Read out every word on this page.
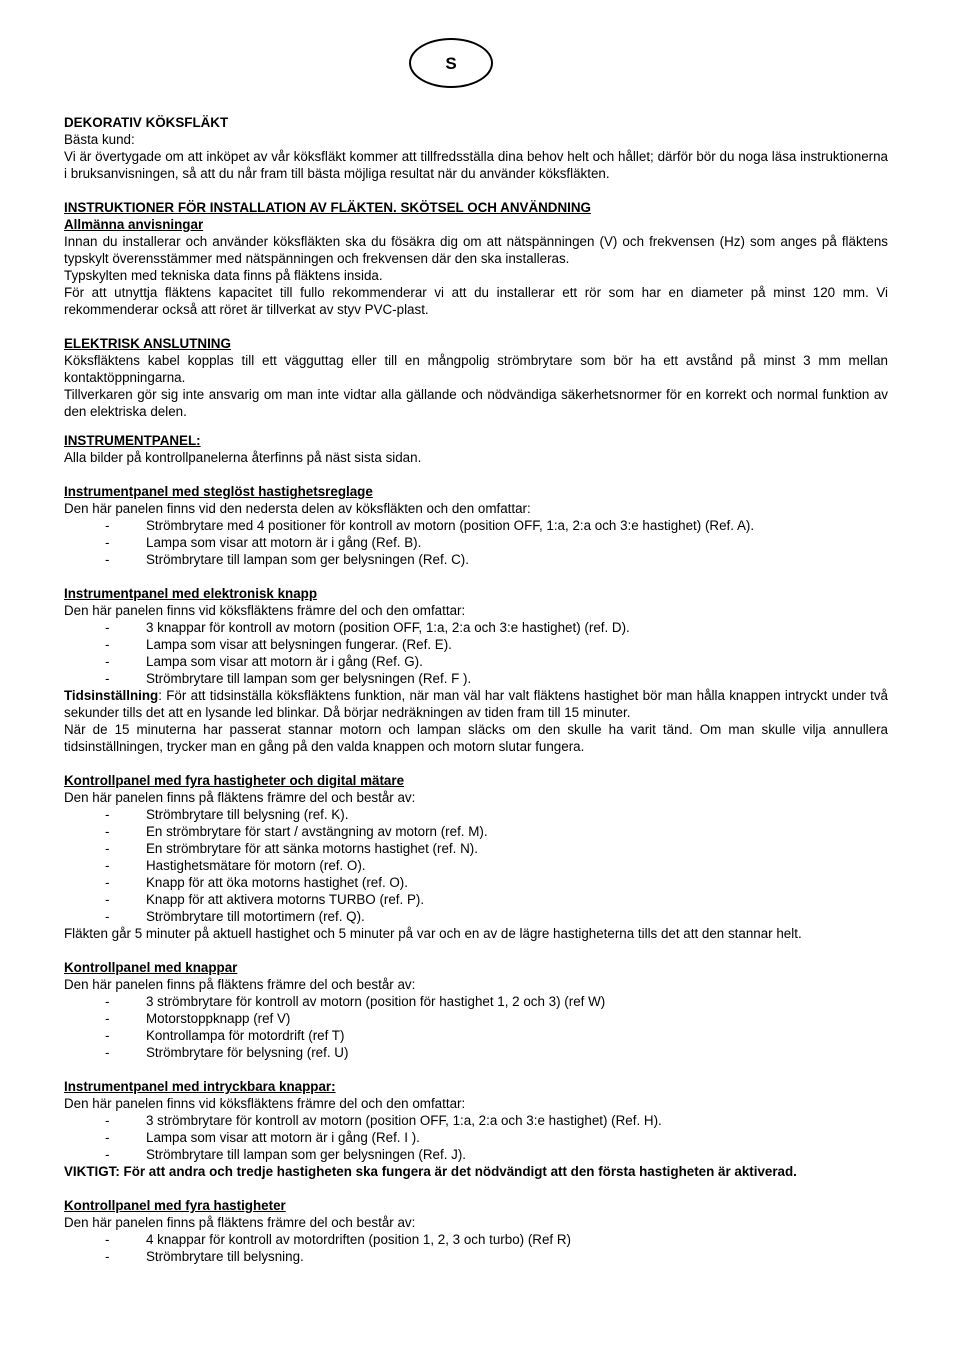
S

DEKORATIV KÖKSFLÄKT

Bästa kund:

Vi är övertygade om att inköpet av vår köksfläkt kommer att tillfredsställa dina behov helt och hållet; därför bör du noga läsa instruktionerna i bruksanvisningen, så att du når fram till bästa möjliga resultat när du använder köksfläkten.

INSTRUKTIONER FÖR INSTALLATION AV FLÄKTEN. SKÖTSEL OCH ANVÄNDNING

Allmänna anvisningar

Innan du installerar och använder köksfläkten ska du fösäkra dig om att nätspänningen (V) och frekvensen (Hz) som anges på fläktens typskylt överensstämmer med nätspänningen och frekvensen där den ska installeras.

Typskylten med tekniska data finns på fläktens insida.

För att utnyttja fläktens kapacitet till fullo rekommenderar vi att du installerar ett rör som har en diameter på minst 120 mm. Vi rekommenderar också att röret är tillverkat av styv PVC-plast.

ELEKTRISK ANSLUTNING

Köksfläktens kabel kopplas till ett vägguttag eller till en mångpolig strömbrytare som bör ha ett avstånd på minst 3 mm mellan kontaktöppningarna.

Tillverkaren gör sig inte ansvarig om man inte vidtar alla gällande och nödvändiga säkerhetsnormer för en korrekt och normal funktion av den elektriska delen.

INSTRUMENTPANEL:

Alla bilder på kontrollpanelerna återfinns på näst sista sidan.

Instrumentpanel med steglöst hastighetsreglage

Den här panelen finns vid den nedersta delen av köksfläkten och den omfattar:

- Strömbrytare med 4 positioner för kontroll av motorn (position OFF, 1:a, 2:a och 3:e hastighet) (Ref. A).
- Lampa som visar att motorn är i gång (Ref. B).
- Strömbrytare till lampan som ger belysningen (Ref. C).

Instrumentpanel med elektronisk knapp

Den här panelen finns vid köksfläktens främre del och den omfattar:

- 3 knappar för kontroll av motorn (position OFF, 1:a, 2:a och 3:e hastighet) (ref. D).
- Lampa som visar att belysningen fungerar. (Ref. E).
- Lampa som visar att motorn är i gång (Ref. G).
- Strömbrytare till lampan som ger belysningen (Ref. F ).

Tidsinställning: För att tidsinställa köksfläktens funktion, när man väl har valt fläktens hastighet bör man hålla knappen intryckt under två sekunder tills det att en lysande led blinkar. Då börjar nedräkningen av tiden fram till 15 minuter.

När de 15 minuterna har passerat stannar motorn och lampan släcks om den skulle ha varit tänd. Om man skulle vilja annullera tidsinställningen, trycker man en gång på den valda knappen och motorn slutar fungera.

Kontrollpanel med fyra hastigheter och digital mätare

Den här panelen finns på fläktens främre del och består av:

- Strömbrytare till belysning (ref. K).
- En strömbrytare för start / avstängning av motorn (ref. M).
- En strömbrytare för att sänka motorns hastighet (ref. N).
- Hastighetsmätare för motorn (ref. O).
- Knapp för att öka motorns hastighet (ref. O).
- Knapp för att aktivera motorns TURBO (ref. P).
- Strömbrytare till motortimern (ref. Q).

Fläkten går 5 minuter på aktuell hastighet och 5 minuter på var och en av de lägre hastigheterna tills det att den stannar helt.

Kontrollpanel med knappar

Den här panelen finns på fläktens främre del och består av:

- 3 strömbrytare för kontroll av motorn (position för hastighet 1, 2 och 3) (ref W)
- Motorstoppknapp (ref V)
- Kontrollampa för motordrift (ref T)
- Strömbrytare för belysning (ref. U)

Instrumentpanel med intryckbara knappar:

Den här panelen finns vid köksfläktens främre del och den omfattar:

- 3 strömbrytare för kontroll av motorn (position OFF, 1:a, 2:a och 3:e hastighet) (Ref. H).
- Lampa som visar att motorn är i gång (Ref. I ).
- Strömbrytare till lampan som ger belysningen (Ref. J).

VIKTIGT: För att andra och tredje hastigheten ska fungera är det nödvändigt att den första hastigheten är aktiverad.

Kontrollpanel med fyra hastigheter

Den här panelen finns på fläktens främre del och består av:

- 4 knappar för kontroll av motordriften (position 1, 2, 3 och turbo) (Ref R)
- Strömbrytare till belysning.
